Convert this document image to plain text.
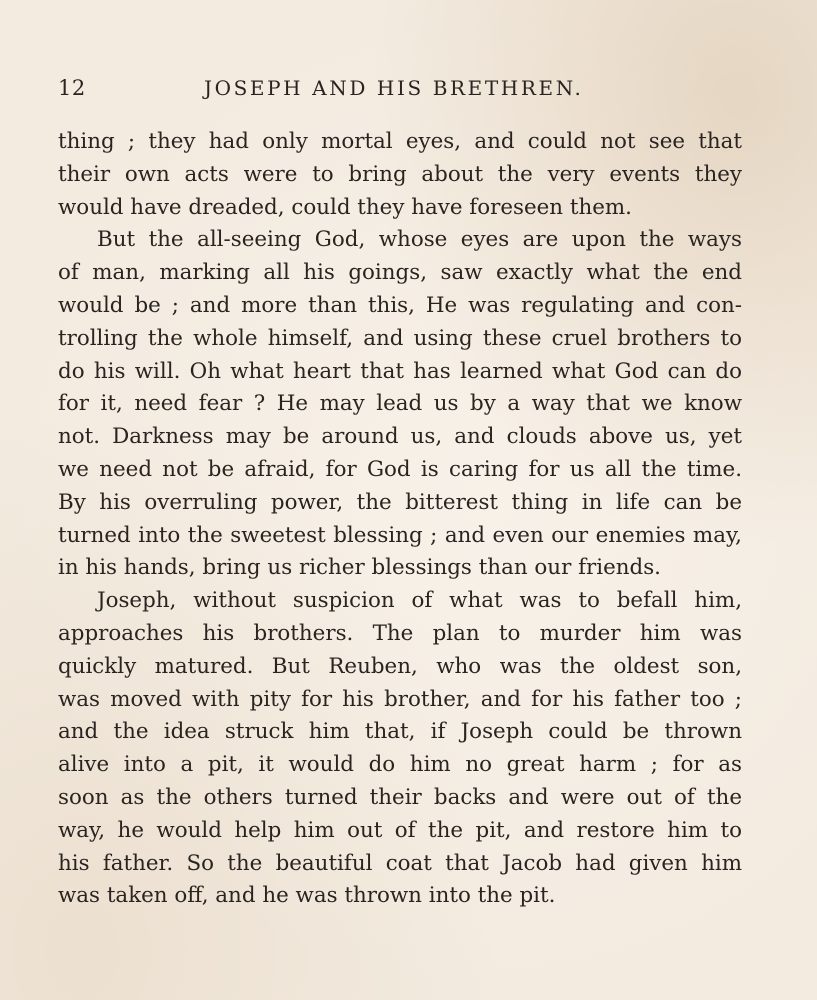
12	JOSEPH AND HIS BRETHREN.
thing ; they had only mortal eyes, and could not see that
their own acts were to bring about the very events they
would have dreaded, could they have foreseen them.
But the all-seeing God, whose eyes are upon the ways
of man, marking all his goings, saw exactly what the end
would be ; and more than this, He was regulating and con-
trolling the whole himself, and using these cruel brothers to
do his will. Oh what heart that has learned what God can do
for it, need fear ? He may lead us by a way that we know
not. Darkness may be around us, and clouds above us, yet
we need not be afraid, for God is caring for us all the time.
By his overruling power, the bitterest thing in life can be
turned into the sweetest blessing ; and even our enemies may,
in his hands, bring us richer blessings than our friends.
Joseph, without suspicion of what was to befall him,
approaches his brothers. The plan to murder him was
quickly matured. But Reuben, who was the oldest son,
was moved with pity for his brother, and for his father too ;
and the idea struck him that, if Joseph could be thrown
alive into a pit, it would do him no great harm ; for as
soon as the others turned their backs and were out of the
way, he would help him out of the pit, and restore him to
his father. So the beautiful coat that Jacob had given him
was taken off, and he was thrown into the pit.
